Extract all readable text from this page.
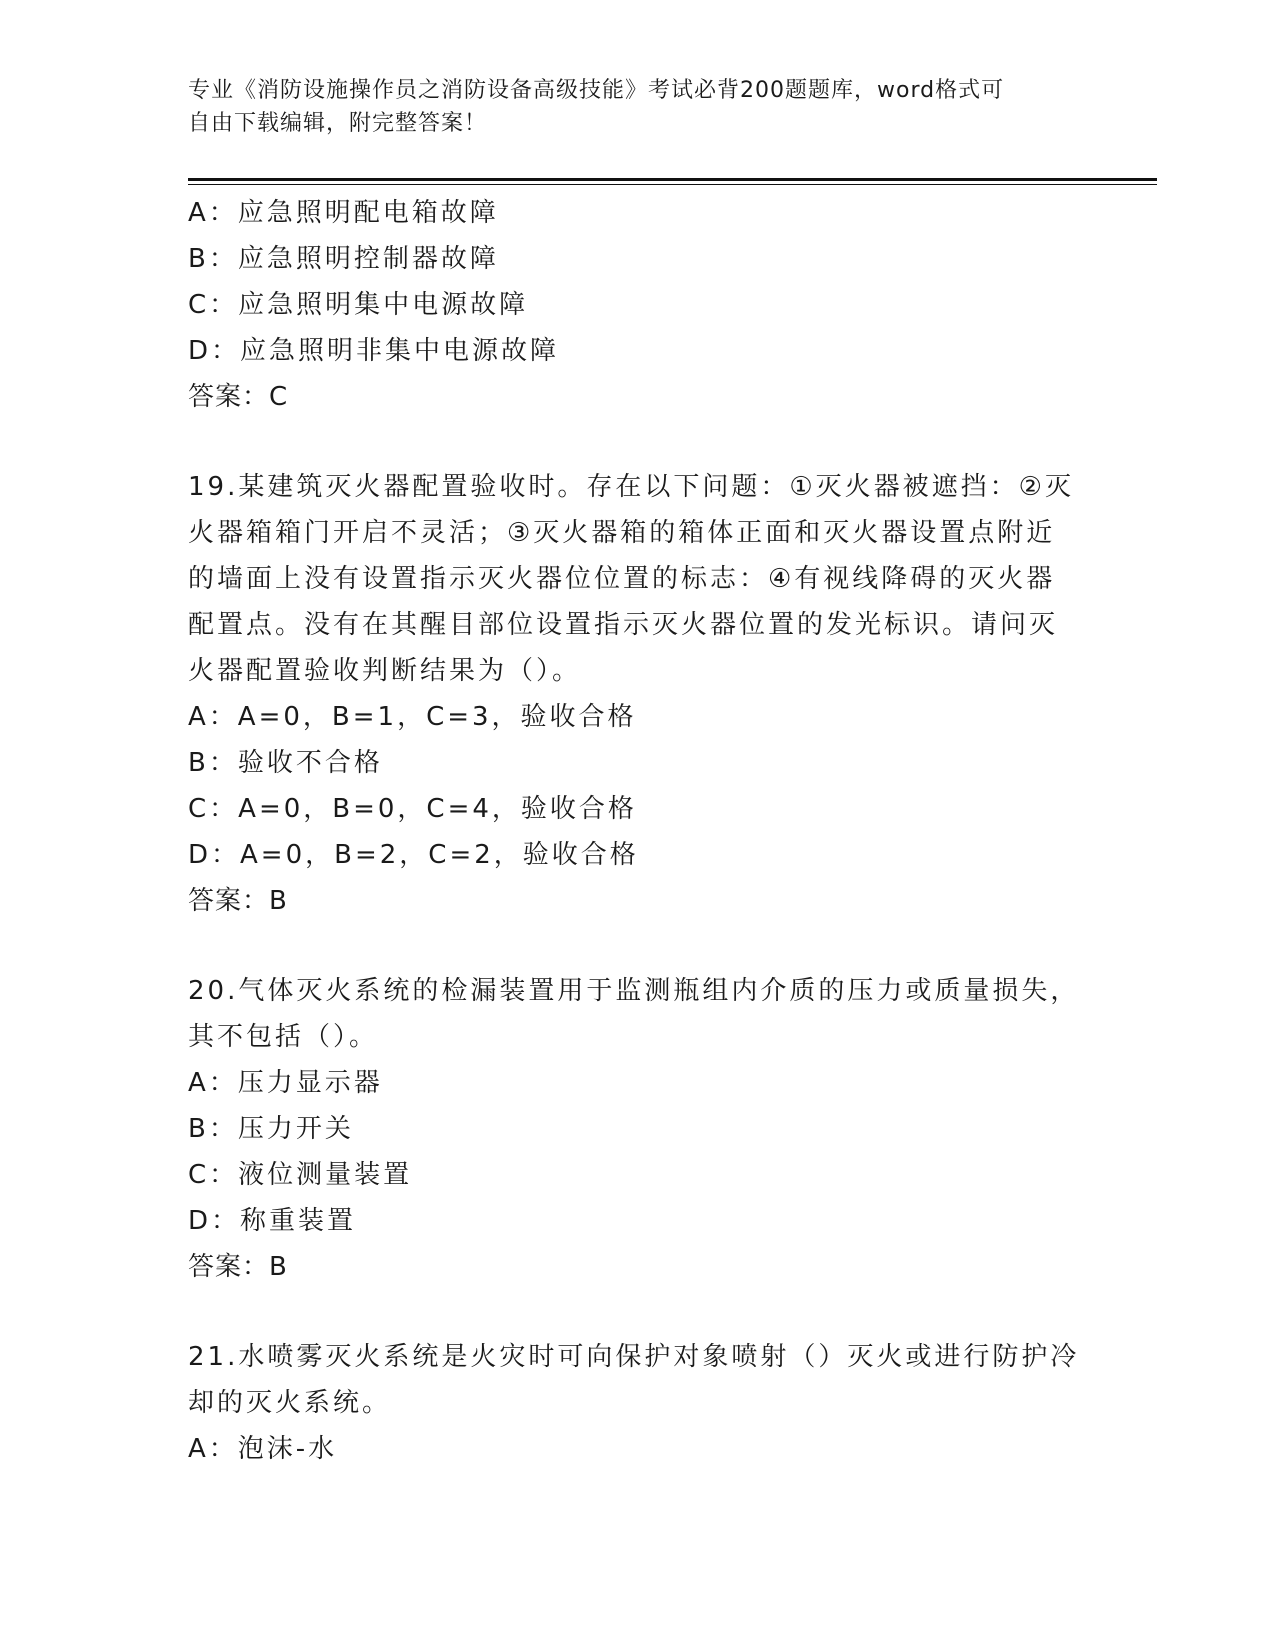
专业《消防设施操作员之消防设备高级技能》考试必背200题题库，word格式可
自由下载编辑，附完整答案！
A：应急照明配电箱故障
B：应急照明控制器故障
C：应急照明集中电源故障
D：应急照明非集中电源故障
答案：C
19.某建筑灭火器配置验收时。存在以下问题：①灭火器被遮挡：②灭
火器箱箱门开启不灵活；③灭火器箱的箱体正面和灭火器设置点附近
的墙面上没有设置指示灭火器位位置的标志：④有视线降碍的灭火器
配置点。没有在其醒目部位设置指示灭火器位置的发光标识。请问灭
火器配置验收判断结果为（）。
A：A=0，B=1，C=3，验收合格
B：验收不合格
C：A=0，B=0，C=4，验收合格
D：A=0，B=2，C=2，验收合格
答案：B
20.气体灭火系统的检漏装置用于监测瓶组内介质的压力或质量损失，
其不包括（）。
A：压力显示器
B：压力开关
C：液位测量装置
D：称重装置
答案：B
21.水喷雾灭火系统是火灾时可向保护对象喷射（）灭火或进行防护冷
却的灭火系统。
A：泡沫-水
